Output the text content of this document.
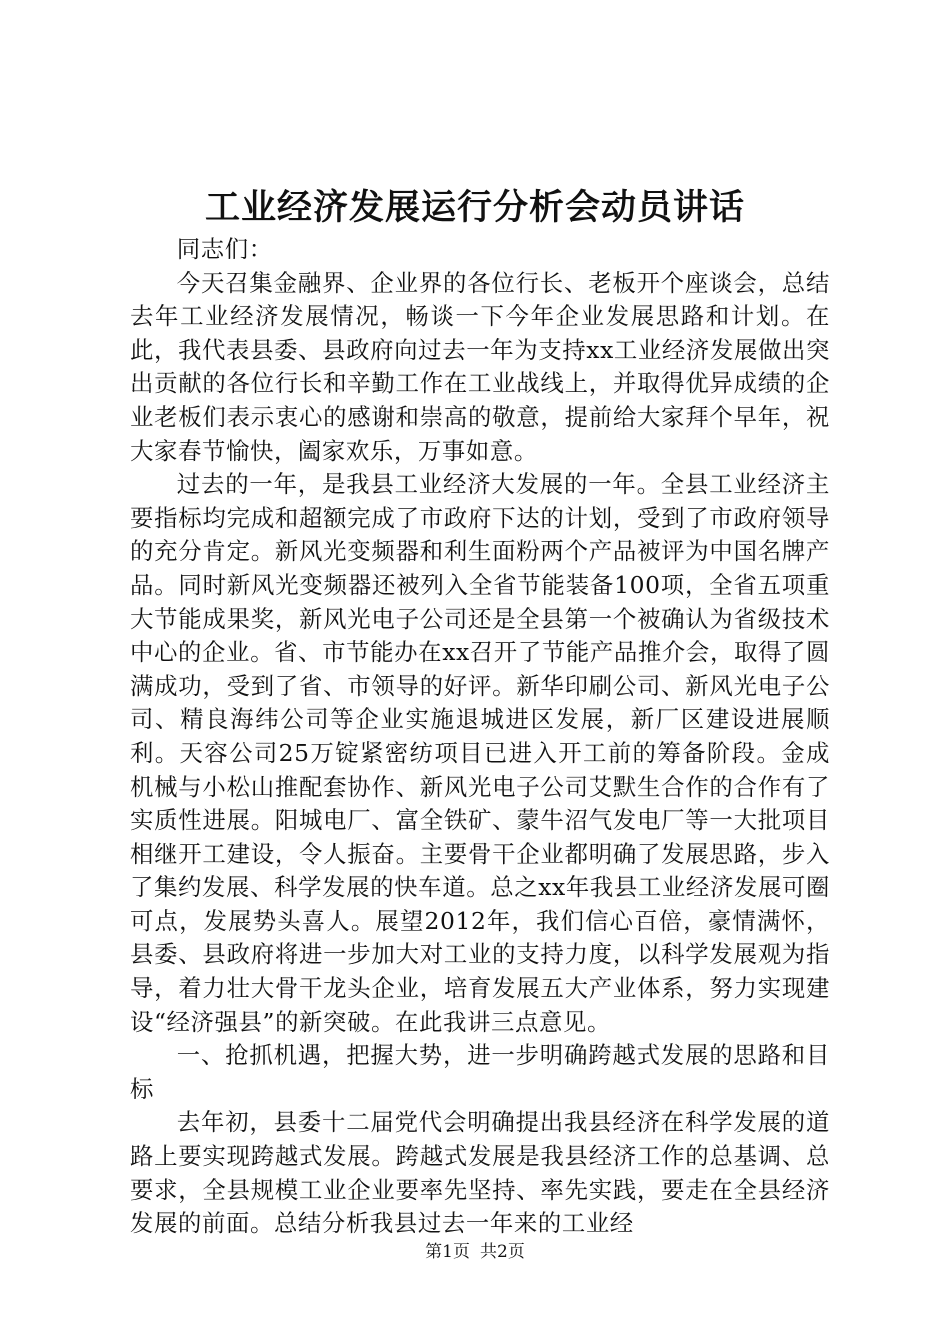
工业经济发展运行分析会动员讲话

同志们：

今天召集金融界、企业界的各位行长、老板开个座谈会，总结去年工业经济发展情况，畅谈一下今年企业发展思路和计划。在此，我代表县委、县政府向过去一年为支持xx工业经济发展做出突出贡献的各位行长和辛勤工作在工业战线上，并取得优异成绩的企业老板们表示衷心的感谢和崇高的敬意，提前给大家拜个早年，祝大家春节愉快，阖家欢乐，万事如意。

过去的一年，是我县工业经济大发展的一年。全县工业经济主要指标均完成和超额完成了市政府下达的计划，受到了市政府领导的充分肯定。新风光变频器和利生面粉两个产品被评为中国名牌产品。同时新风光变频器还被列入全省节能装备100项，全省五项重大节能成果奖，新风光电子公司还是全县第一个被确认为省级技术中心的企业。省、市节能办在xx召开了节能产品推介会，取得了圆满成功，受到了省、市领导的好评。新华印刷公司、新风光电子公司、精良海纬公司等企业实施退城进区发展，新厂区建设进展顺利。天容公司25万锭紧密纺项目已进入开工前的筹备阶段。金成机械与小松山推配套协作、新风光电子公司艾默生合作的合作有了实质性进展。阳城电厂、富全铁矿、蒙牛沼气发电厂等一大批项目相继开工建设，令人振奋。主要骨干企业都明确了发展思路，步入了集约发展、科学发展的快车道。总之xx年我县工业经济发展可圈可点，发展势头喜人。展望2012年，我们信心百倍，豪情满怀，县委、县政府将进一步加大对工业的支持力度，以科学发展观为指导，着力壮大骨干龙头企业，培育发展五大产业体系，努力实现建设“经济强县”的新突破。在此我讲三点意见。

一、抢抓机遇，把握大势，进一步明确跨越式发展的思路和目标

去年初，县委十二届党代会明确提出我县经济在科学发展的道路上要实现跨越式发展。跨越式发展是我县经济工作的总基调、总要求，全县规模工业企业要率先坚持、率先实践，要走在全县经济发展的前面。总结分析我县过去一年来的工业经

第1页 共2页
